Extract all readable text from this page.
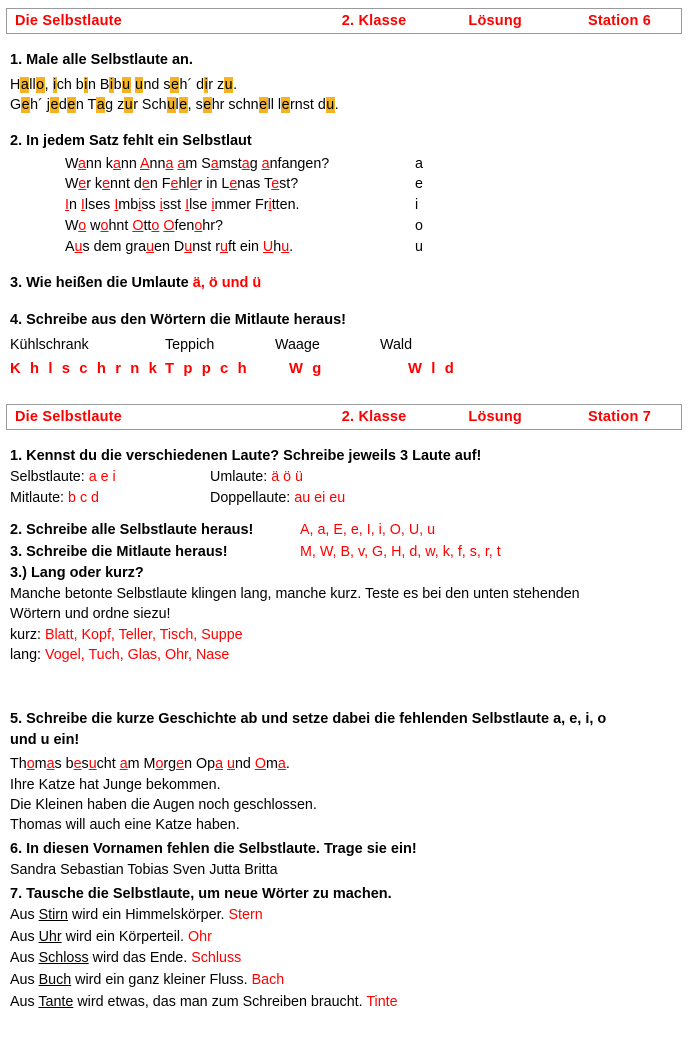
Die Selbstlaute	2. Klasse	Lösung	Station 6
1. Male alle Selbstlaute an.
Hallo, ich bin Bibu und seh´ dir zu.
Geh´ jeden Tag zur Schule, sehr schnell lernst du.
2. In jedem Satz fehlt ein Selbstlaut
Wann kann Anna am Samstag anfangen?	a
Wer kennt den Fehler in Lenas Test?	e
In Ilses Imbiss isst Ilse immer Fritten.	i
Wo wohnt Otto Ofenohr?	o
Aus dem grauen Dunst ruft ein Uhu.	u
3. Wie heißen die Umlaute ä, ö und ü
4. Schreibe aus den Wörtern die Mitlaute heraus!
Kühlschrank	Teppich	Waage	Wald
K h l s c h r n k T p p c h	W g	W l d
Die Selbstlaute	2. Klasse	Lösung	Station 7
1. Kennst du die verschiedenen Laute? Schreibe jeweils 3 Laute auf!
Selbstlaute: a e i	Umlaute: ä ö ü
Mitlaute: b c d	Doppellaute: au ei eu
2. Schreibe alle Selbstlaute heraus!	A, a, E, e, I, i, O, U, u
3. Schreibe die Mitlaute heraus!	M, W, B, v, G, H, d, w, k, f, s, r, t
3.) Lang oder kurz?
Manche betonte Selbstlaute klingen lang, manche kurz. Teste es bei den unten stehenden
Wörtern und ordne siezu!
kurz: Blatt, Kopf, Teller, Tisch, Suppe
lang: Vogel, Tuch, Glas, Ohr, Nase
5. Schreibe die kurze Geschichte ab und setze dabei die fehlenden Selbstlaute a, e, i, o
und u ein!
Thomas besucht am Morgen Opa und Oma.
Ihre Katze hat Junge bekommen.
Die Kleinen haben die Augen noch geschlossen.
Thomas will auch eine Katze haben.
6. In diesen Vornamen fehlen die Selbstlaute. Trage sie ein!
Sandra Sebastian Tobias Sven Jutta Britta
7. Tausche die Selbstlaute, um neue Wörter zu machen.
Aus Stirn wird ein Himmelskörper. Stern
Aus Uhr wird ein Körperteil. Ohr
Aus Schloss wird das Ende. Schluss
Aus Buch wird ein ganz kleiner Fluss. Bach
Aus Tante wird etwas, das man zum Schreiben braucht. Tinte
